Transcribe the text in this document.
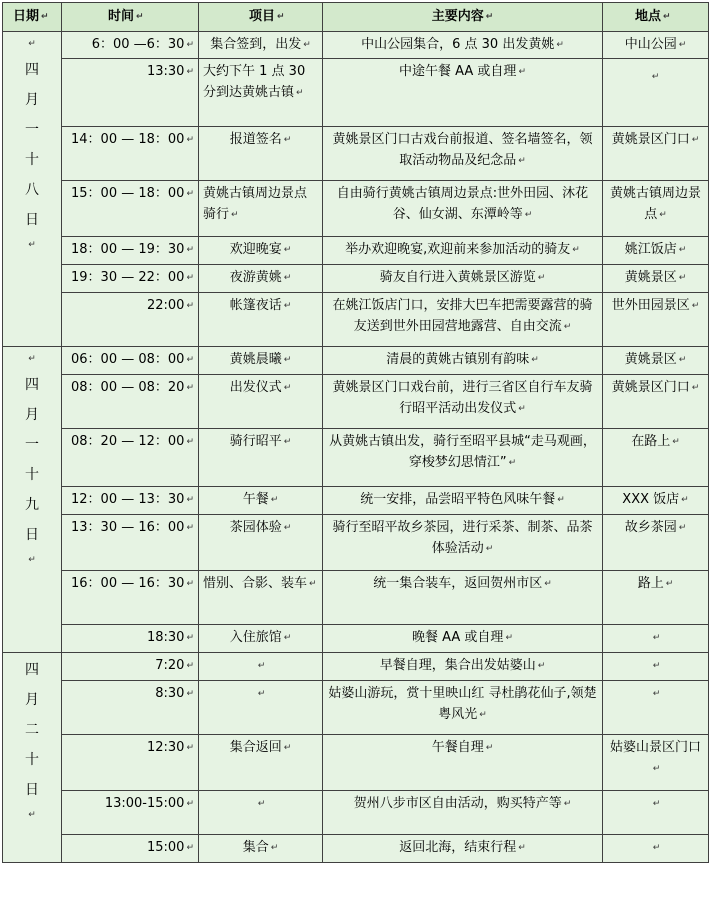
日期 ↵	时间 ↵	项目 ↵	主要内容 ↵	地点 ↵

↵
四月一十八日
↵	6：00 —6：30 ↵	集合签到，出发 ↵	中山公园集合，6 点 30 出发黄姚 ↵	中山公园 ↵
	13:30 ↵	大约下午 1 点 30 分到达黄姚古镇 ↵	中途午餐 AA 或自理 ↵	↵

	14：00 — 18：00 ↵	报道签名 ↵	黄姚景区门口古戏台前报道、签名墙签名，领取活动物品及纪念品 ↵	黄姚景区门口 ↵
	15：00 — 18：00 ↵	黄姚古镇周边景点骑行 ↵	自由骑行黄姚古镇周边景点:世外田园、沐花谷、仙女湖、东潭岭等 ↵	黄姚古镇周边景点 ↵
	18：00 — 19：30 ↵	欢迎晚宴 ↵	举办欢迎晚宴,欢迎前来参加活动的骑友 ↵	姚江饭店 ↵
	19：30 — 22：00 ↵	夜游黄姚 ↵	骑友自行进入黄姚景区游览 ↵	黄姚景区 ↵
	22:00 ↵	帐篷夜话 ↵	在姚江饭店门口，安排大巴车把需要露营的骑友送到世外田园营地露营、自由交流 ↵	世外田园景区 ↵

↵
四月一十九日
↵	06：00 — 08：00 ↵	黄姚晨曦 ↵	清晨的黄姚古镇别有韵味 ↵	黄姚景区 ↵
	08：00 — 08：20 ↵	出发仪式 ↵	黄姚景区门口戏台前，进行三省区自行车友骑行昭平活动出发仪式 ↵	黄姚景区门口 ↵
	08：20 — 12：00 ↵	骑行昭平 ↵	从黄姚古镇出发，骑行至昭平县城“走马观画，穿梭梦幻思情江” ↵	在路上 ↵
	12：00 — 13：30 ↵	午餐 ↵	统一安排，品尝昭平特色风味午餐 ↵	XXX 饭店 ↵
	13：30 — 16：00 ↵	茶园体验 ↵	骑行至昭平故乡茶园，进行采茶、制茶、品茶体验活动 ↵	故乡茶园 ↵
	16：00 — 16：30 ↵	惜别、合影、装车 ↵	统一集合装车，返回贺州市区 ↵	路上 ↵
	18:30 ↵	入住旅馆 ↵	晚餐 AA 或自理 ↵	↵
四月二十日
↵	7:20 ↵	↵	早餐自理，集合出发姑婆山 ↵	↵
	8:30 ↵	↵	姑婆山游玩，赏十里映山红 寻杜鹃花仙子,领楚粤风光 ↵	↵
	12:30 ↵	集合返回 ↵	午餐自理 ↵	姑婆山景区门口↵
	13:00-15:00 ↵	↵	贺州八步市区自由活动，购买特产等 ↵	↵
	15:00 ↵	集合 ↵	返回北海，结束行程 ↵	↵
